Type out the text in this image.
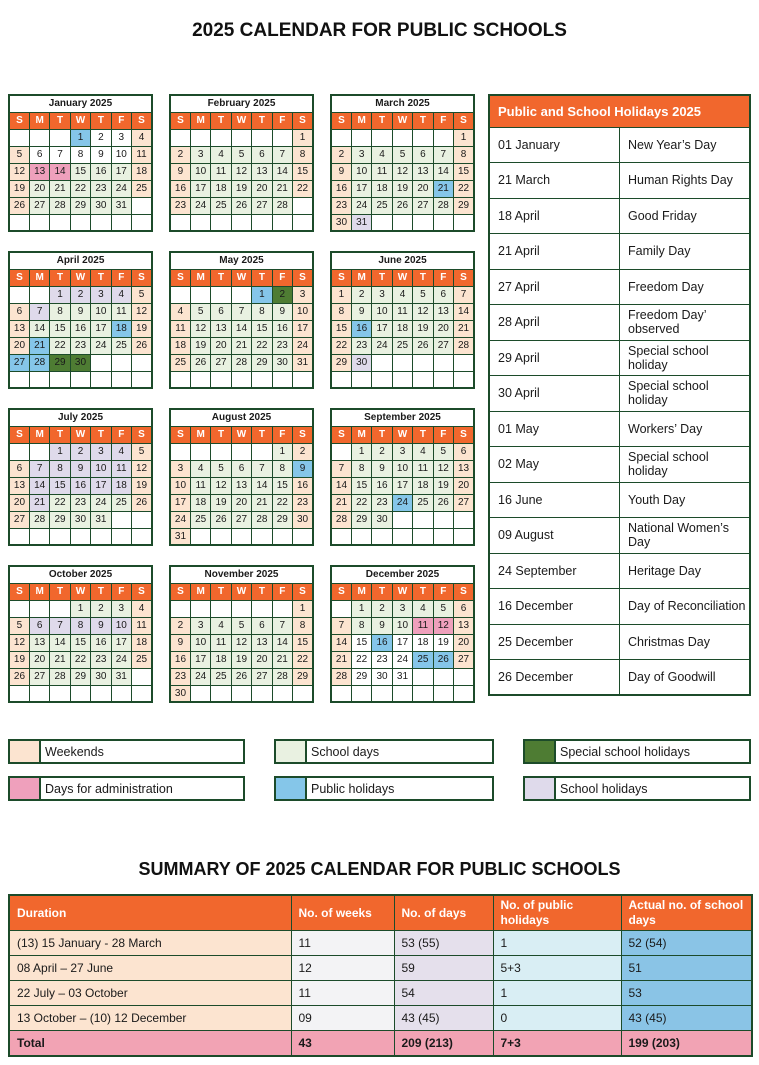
2025 CALENDAR FOR PUBLIC SCHOOLS
January 2025						
S	M	T	W	T	F	S
			1	2	3	4
5	6	7	8	9	10	11
12	13	14	15	16	17	18
19	20	21	22	23	24	25
26	27	28	29	30	31	

February 2025						
S	M	T	W	T	F	S
						1
2	3	4	5	6	7	8
9	10	11	12	13	14	15
16	17	18	19	20	21	22
23	24	25	26	27	28	

March 2025						
S	M	T	W	T	F	S
						1
2	3	4	5	6	7	8
9	10	11	12	13	14	15
16	17	18	19	20	21	22
23	24	25	26	27	28	29
30	31					
April 2025						
S	M	T	W	T	F	S
		1	2	3	4	5
6	7	8	9	10	11	12
13	14	15	16	17	18	19
20	21	22	23	24	25	26
27	28	29	30			

May 2025						
S	M	T	W	T	F	S
				1	2	3
4	5	6	7	8	9	10
11	12	13	14	15	16	17
18	19	20	21	22	23	24
25	26	27	28	29	30	31

June 2025						
S	M	T	W	T	F	S
1	2	3	4	5	6	7
8	9	10	11	12	13	14
15	16	17	18	19	20	21
22	23	24	25	26	27	28
29	30					

July 2025						
S	M	T	W	T	F	S
		1	2	3	4	5
6	7	8	9	10	11	12
13	14	15	16	17	18	19
20	21	22	23	24	25	26
27	28	29	30	31		

August 2025						
S	M	T	W	T	F	S
					1	2
3	4	5	6	7	8	9
10	11	12	13	14	15	16
17	18	19	20	21	22	23
24	25	26	27	28	29	30
31						
September 2025						
S	M	T	W	T	F	S
	1	2	3	4	5	6
7	8	9	10	11	12	13
14	15	16	17	18	19	20
21	22	23	24	25	26	27
28	29	30				

October 2025						
S	M	T	W	T	F	S
			1	2	3	4
5	6	7	8	9	10	11
12	13	14	15	16	17	18
19	20	21	22	23	24	25
26	27	28	29	30	31	

November 2025						
S	M	T	W	T	F	S
						1
2	3	4	5	6	7	8
9	10	11	12	13	14	15
16	17	18	19	20	21	22
23	24	25	26	27	28	29
30						
December 2025						
S	M	T	W	T	F	S
	1	2	3	4	5	6
7	8	9	10	11	12	13
14	15	16	17	18	19	20
21	22	23	24	25	26	27
28	29	30	31			

Public and School Holidays 2025	
01 January	New Year’s Day
21 March	Human Rights Day
18 April	Good Friday
21 April	Family Day
27 April	Freedom Day
28 April	Freedom Day’ observed
29 April	Special school holiday
30 April	Special school holiday
01 May	Workers’ Day
02 May	Special school holiday
16 June	Youth Day
09 August	National Women’s Day
24 September	Heritage Day
16 December	Day of Reconciliation
25 December	Christmas Day
26 December	Day of Goodwill
Weekends	School days	Special school holidays
Days for administration	Public holidays	School holidays
SUMMARY OF 2025 CALENDAR FOR PUBLIC SCHOOLS
Duration	No. of weeks	No. of days	No. of public holidays	Actual no. of school days
(13) 15 January - 28 March	11	53 (55)	1	52 (54)
08 April – 27 June	12	59	5+3	51
22 July – 03 October	11	54	1	53
13 October – (10) 12 December	09	43 (45)	0	43 (45)
Total	43	209 (213)	7+3	199 (203)
